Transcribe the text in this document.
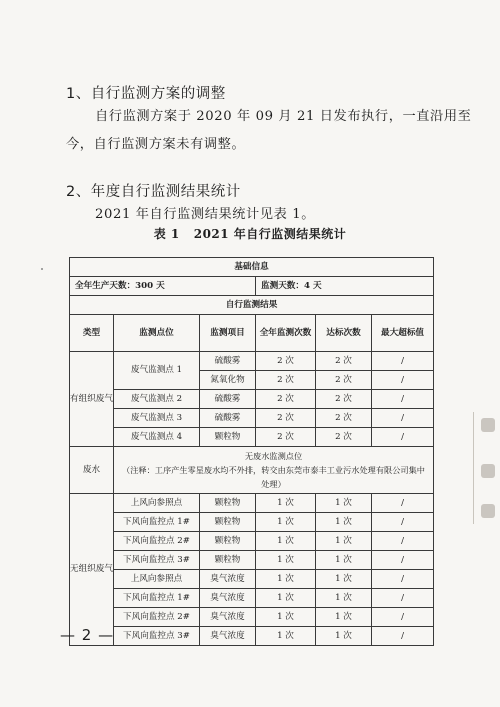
1、自行监测方案的调整
自行监测方案于 2020 年 09 月 21 日发布执行，一直沿用至
今，自行监测方案未有调整。
2、年度自行监测结果统计
2021 年自行监测结果统计见表 1。
表 1 2021 年自行监测结果统计
基础信息					
全年生产天数：300 天			监测天数：4 天		
自行监测结果					
类型	监测点位	监测项目	全年监测次数	达标次数	最大超标值
有组织废气	废气监测点 1	硫酸雾	2 次	2 次	/
		氮氧化物	2 次	2 次	/
	废气监测点 2	硫酸雾	2 次	2 次	/
	废气监测点 3	硫酸雾	2 次	2 次	/
	废气监测点 4	颗粒物	2 次	2 次	/
废水	无废水监测点位
（注释：工序产生零星废水均不外排，转交由东莞市泰丰工业污水处理有限公司集中处理）				

无组织废气	上风向参照点	颗粒物	1 次	1 次	/
	下风向监控点 1#	颗粒物	1 次	1 次	/
	下风向监控点 2#	颗粒物	1 次	1 次	/
	下风向监控点 3#	颗粒物	1 次	1 次	/
	上风向参照点	臭气浓度	1 次	1 次	/
	下风向监控点 1#	臭气浓度	1 次	1 次	/
	下风向监控点 2#	臭气浓度	1 次	1 次	/
	下风向监控点 3#	臭气浓度	1 次	1 次	/
— 2 —
